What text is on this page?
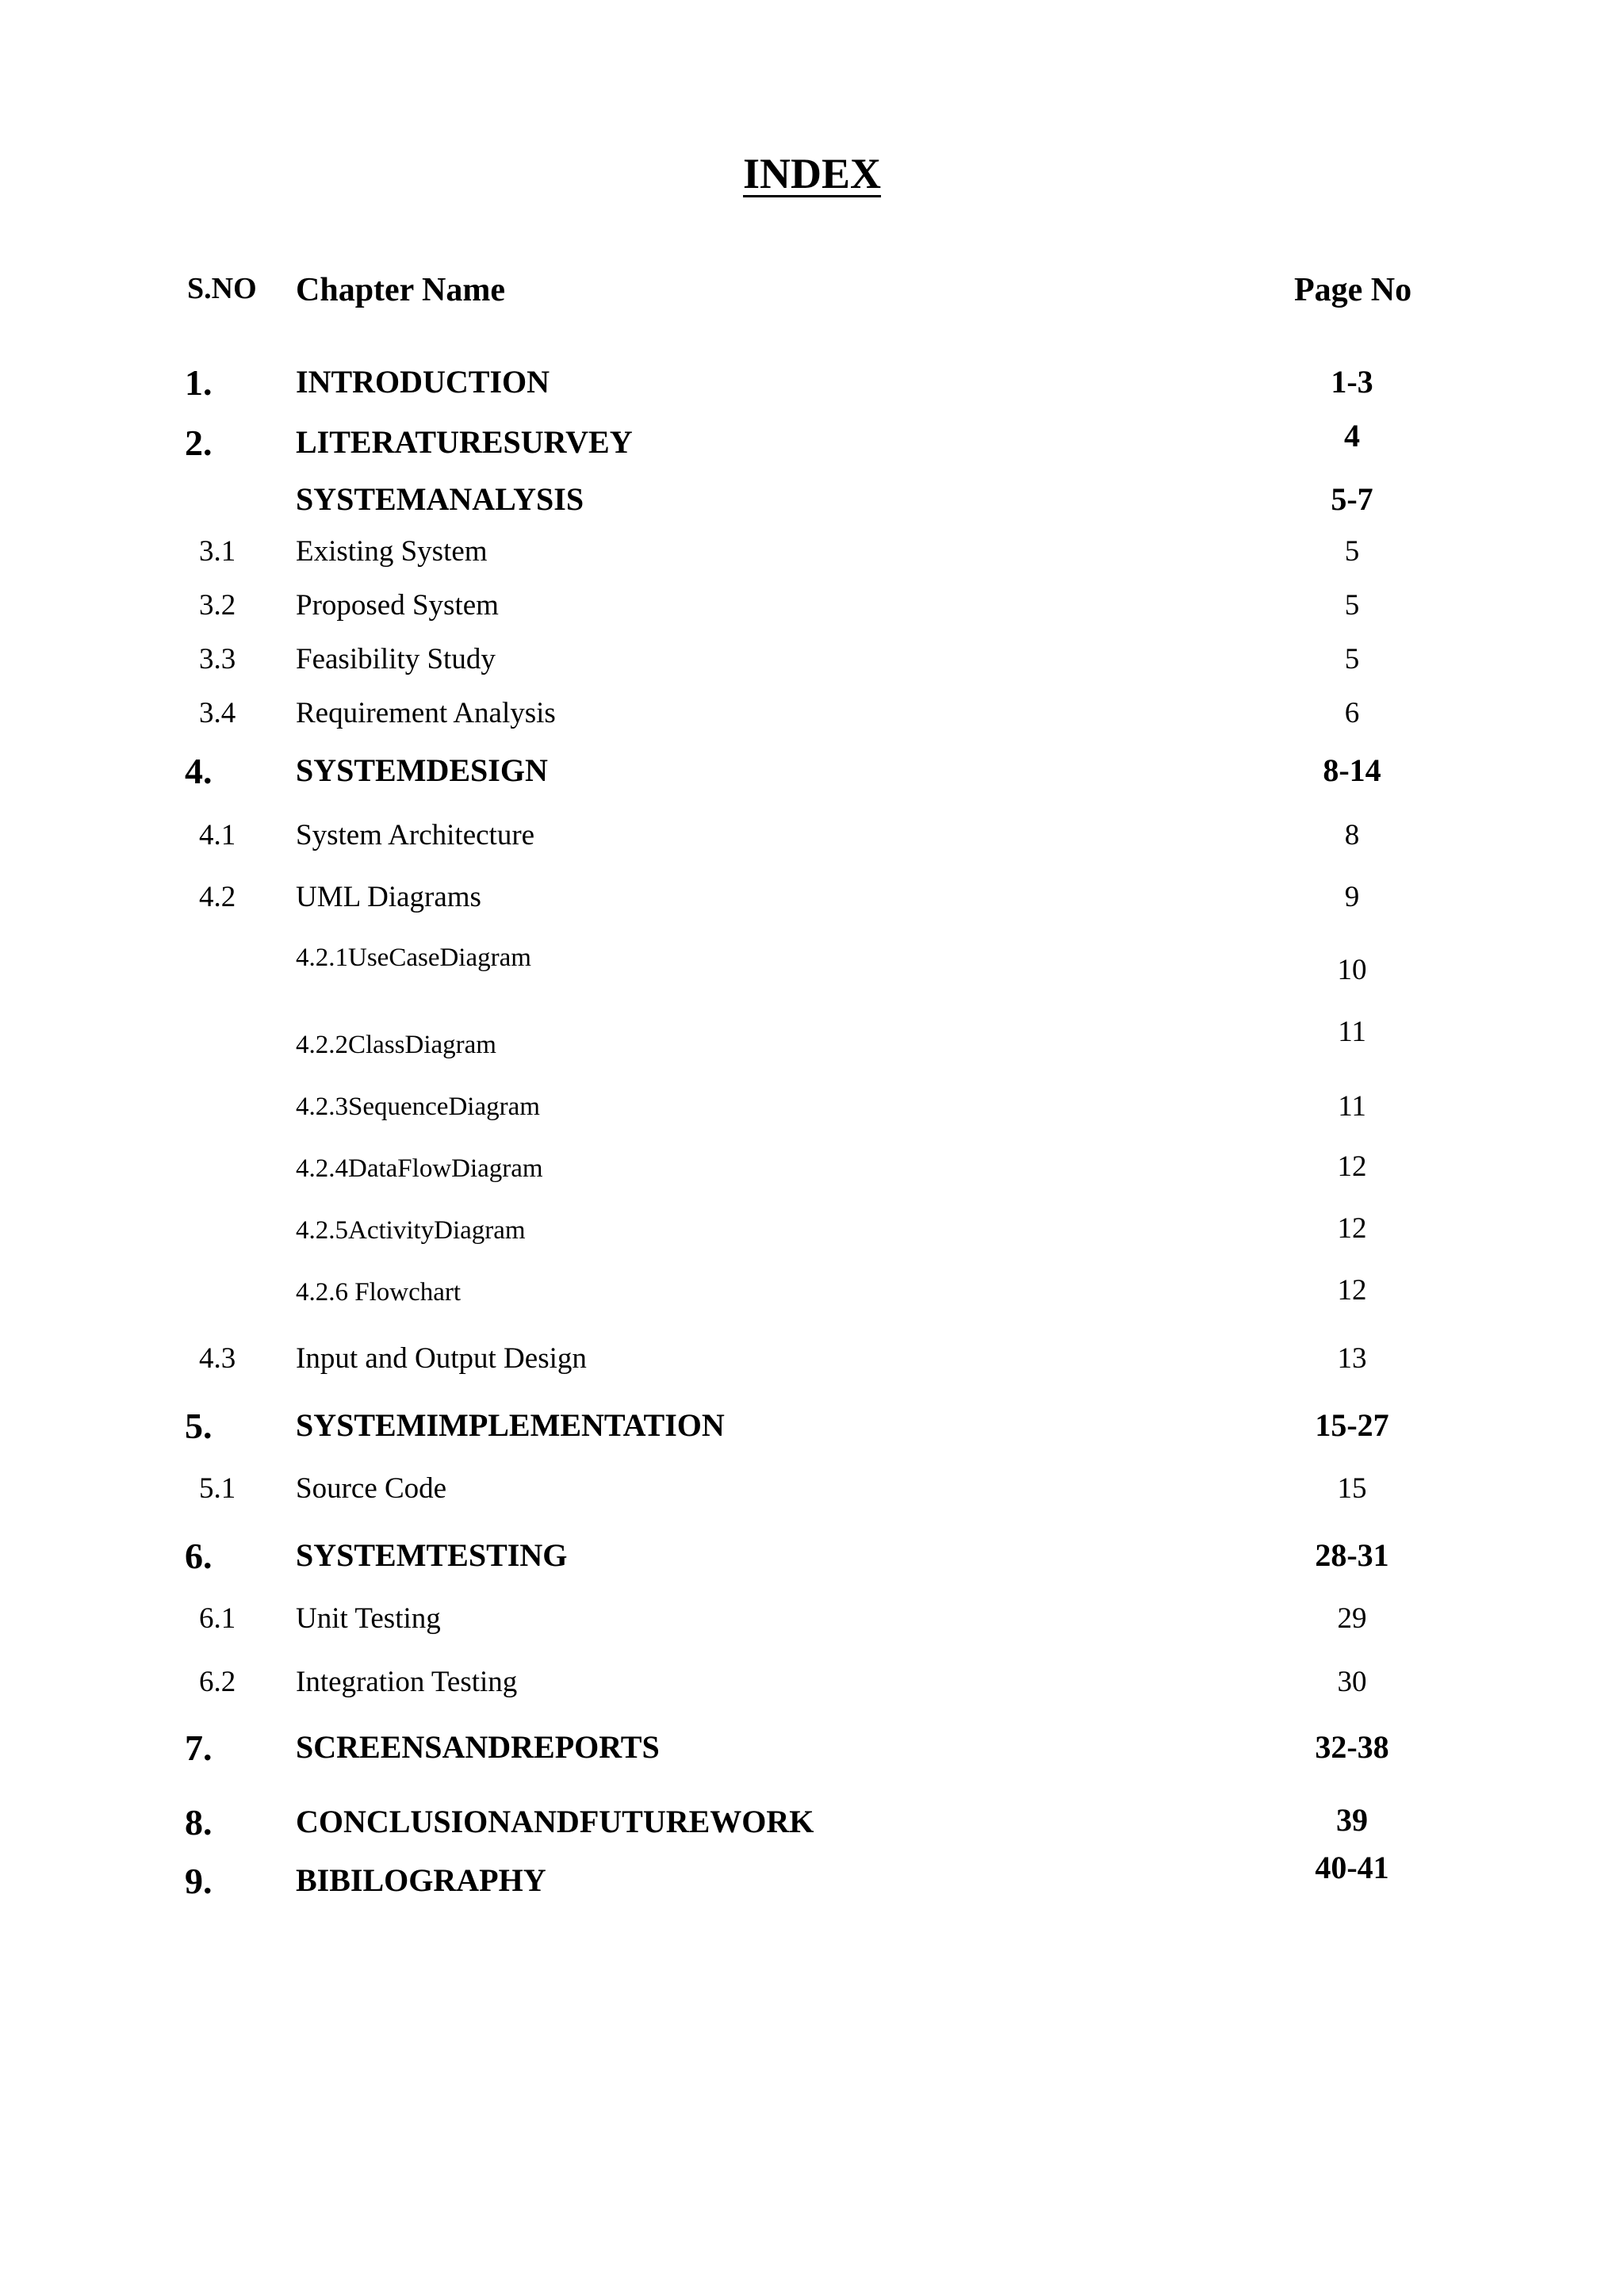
INDEX
S.NO Chapter Name	Page No
1.	INTRODUCTION	1-3
2.	LITERATURESURVEY	4
SYSTEMANALYSIS	5-7
3.1 Existing System	5
3.2 Proposed System	5
3.3 Feasibility Study	5
3.4 Requirement Analysis	6
4.	SYSTEMDESIGN	8-14
4.1 System Architecture	8
4.2 UML Diagrams	9
4.2.1UseCaseDiagram	10
4.2.2ClassDiagram	11
4.2.3SequenceDiagram	11
4.2.4DataFlowDiagram	12
4.2.5ActivityDiagram	12
4.2.6 Flowchart	12
4.3 Input and Output Design	13
5.	SYSTEMIMPLEMENTATION	15-27
5.1 Source Code	15
6.	SYSTEMTESTING	28-31
6.1 Unit Testing	29
6.2 Integration Testing	30
7.	SCREENSANDREPORTS	32-38
8.	CONCLUSIONANDFUTUREWORK	39
9.	BIBILOGRAPHY	40-41
